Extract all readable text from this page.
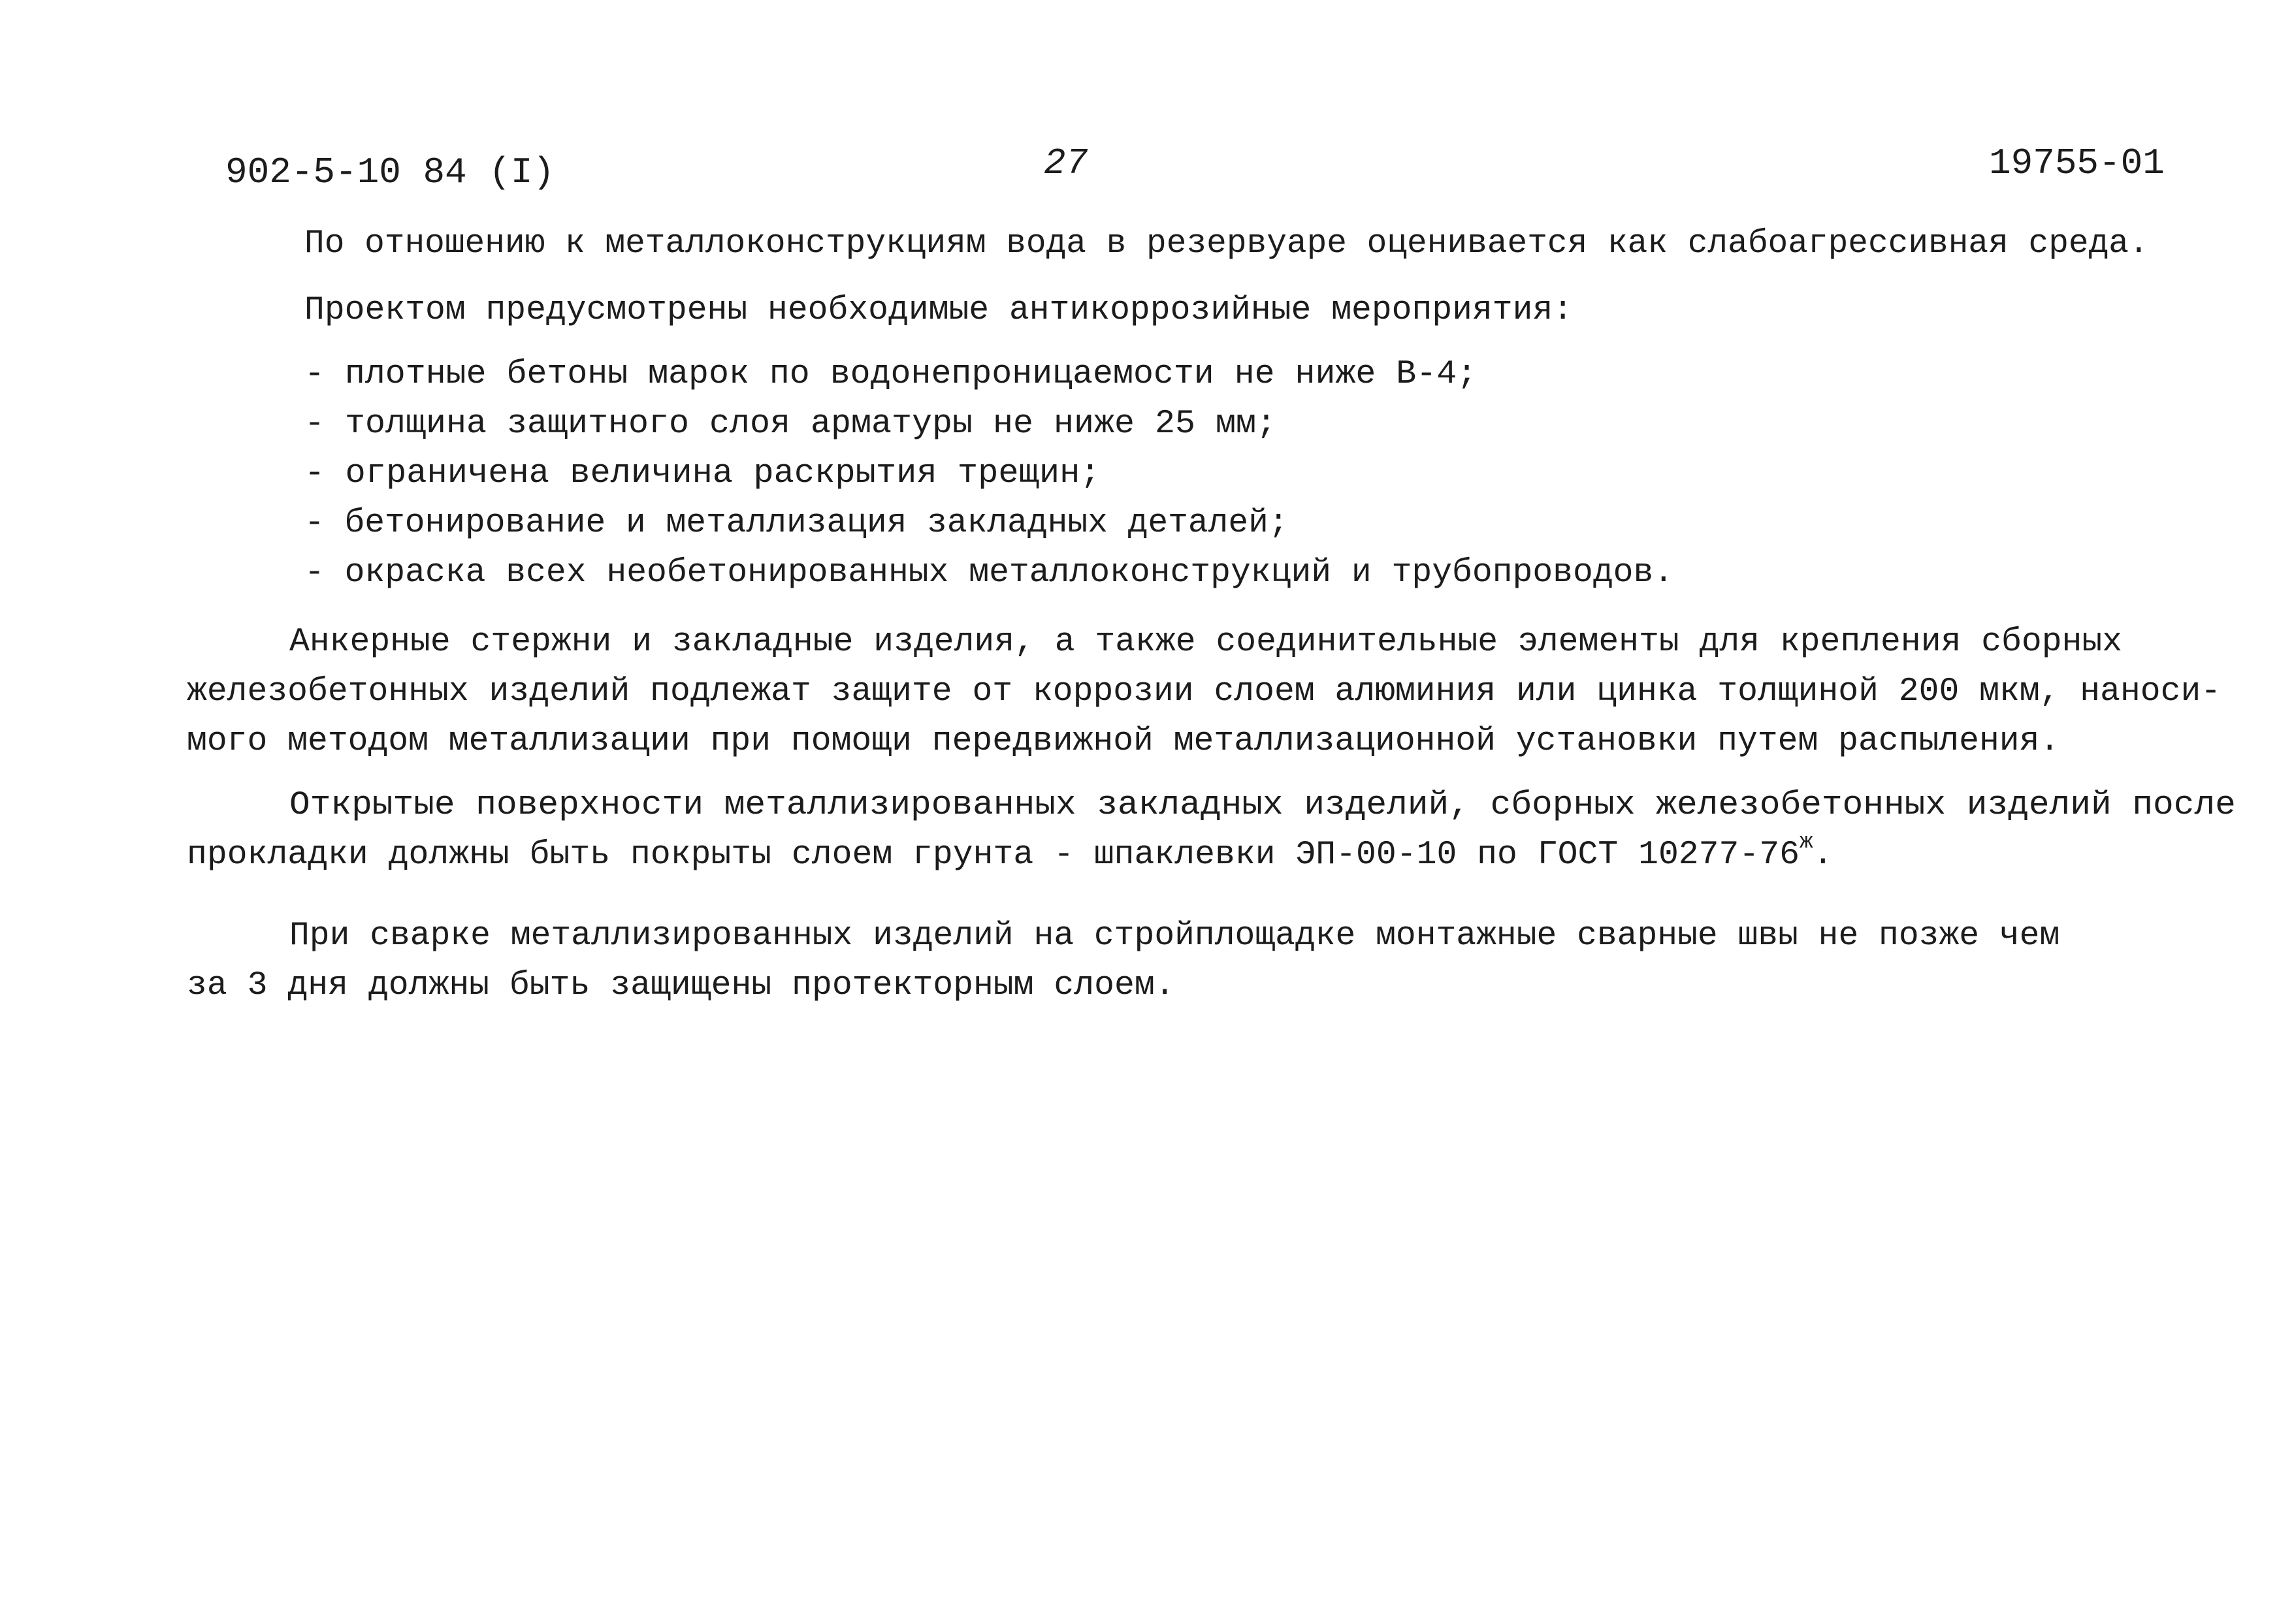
902-5-10 84 (I)	27	19755-01
По отношению к металлоконструкциям вода в резервуаре оценивается как слабоагрессивная среда.
Проектом предусмотрены необходимые антикоррозийные мероприятия:
- плотные бетоны марок по водонепроницаемости не ниже В-4;
- толщина защитного слоя арматуры не ниже 25 мм;
- ограничена величина раскрытия трещин;
- бетонирование и металлизация закладных деталей;
- окраска всех необетонированных металлоконструкций и трубопроводов.
Анкерные стержни и закладные изделия, а также соединительные элементы для крепления сборных
железобетонных изделий подлежат защите от коррозии слоем алюминия или цинка толщиной 200 мкм, наноси-
мого методом металлизации при помощи передвижной металлизационной установки путем распыления.
Открытые поверхности металлизированных закладных изделий, сборных железобетонных изделий после
прокладки должны быть покрыты слоем грунта - шпаклевки ЭП-00-10 по ГОСТ $10277-76^ж$.
При сварке металлизированных изделий на стройплощадке монтажные сварные швы не позже чем
за 3 дня должны быть защищены протекторным слоем.
